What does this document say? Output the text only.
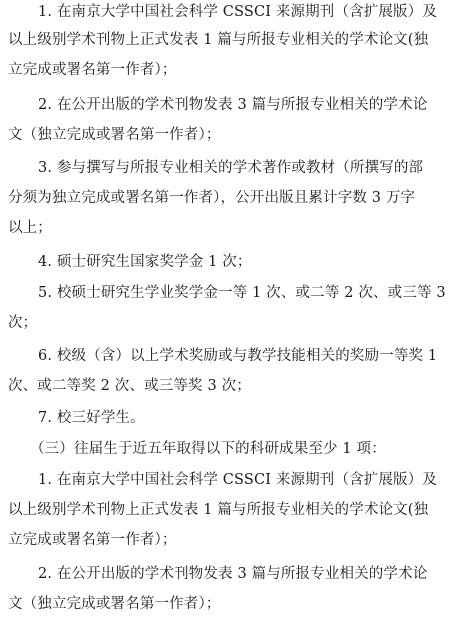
1. 在南京大学中国社会科学 CSSCI 来源期刊（含扩展版）及
以上级别学术刊物上正式发表 1 篇与所报专业相关的学术论文(独
立完成或署名第一作者）；
2. 在公开出版的学术刊物发表 3 篇与所报专业相关的学术论
文（独立完成或署名第一作者）；
3. 参与撰写与所报专业相关的学术著作或教材（所撰写的部
分须为独立完成或署名第一作者），公开出版且累计字数 3 万字
以上；
4. 硕士研究生国家奖学金 1 次；
5. 校硕士研究生学业奖学金一等 1 次、或二等 2 次、或三等 3
次；
6. 校级（含）以上学术奖励或与教学技能相关的奖励一等奖 1
次、或二等奖 2 次、或三等奖 3 次；
7. 校三好学生。
（三）往届生于近五年取得以下的科研成果至少 1 项：
1. 在南京大学中国社会科学 CSSCI 来源期刊（含扩展版）及
以上级别学术刊物上正式发表 1 篇与所报专业相关的学术论文(独
立完成或署名第一作者）；
2. 在公开出版的学术刊物发表 3 篇与所报专业相关的学术论
文（独立完成或署名第一作者）；
